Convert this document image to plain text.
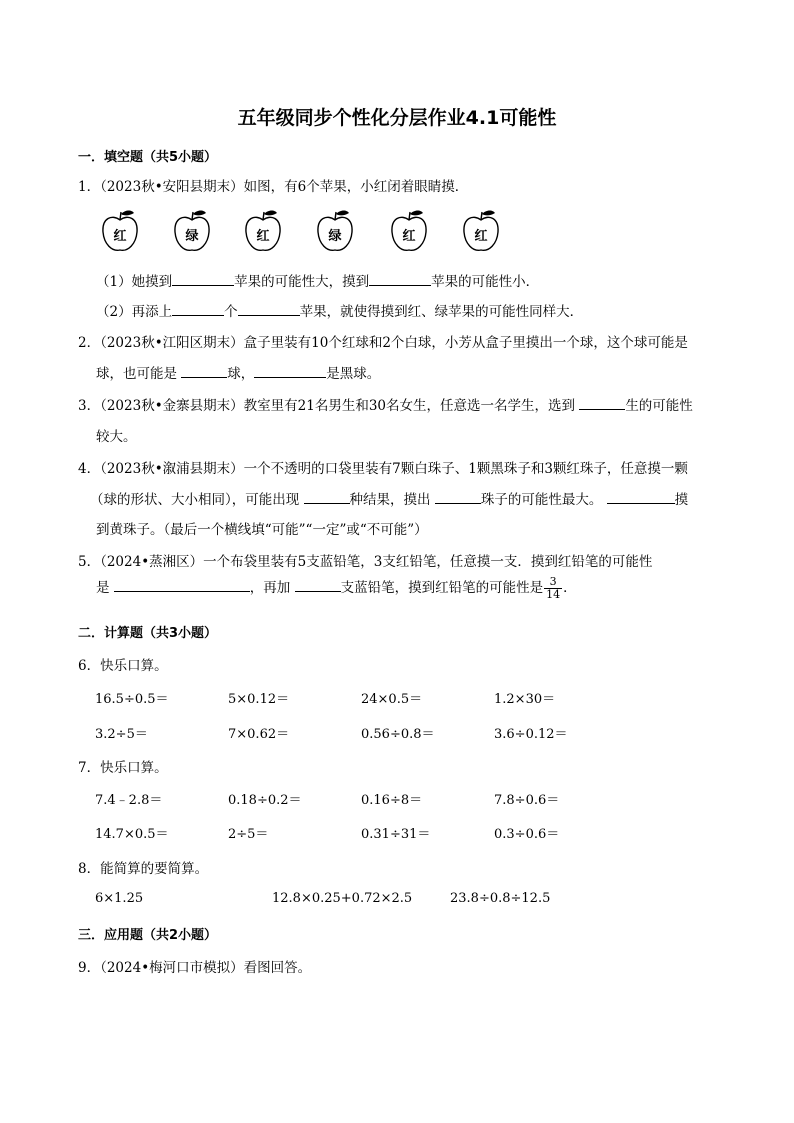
五年级同步个性化分层作业4.1可能性
一．填空题（共5小题）
1．（2023秋•安阳县期末）如图，有6个苹果，小红闭着眼睛摸．
红	绿	红	绿	红	红
（1）她摸到	苹果的可能性大，摸到	苹果的可能性小．
（2）再添上	个	苹果，就使得摸到红、绿苹果的可能性同样大．
2．（2023秋•江阳区期末）盒子里装有10个红球和2个白球，小芳从盒子里摸出一个球，这个球可能是
球，也可能是	球，	是黑球。
3．（2023秋•金寨县期末）教室里有21名男生和30名女生，任意选一名学生，选到	生的可能性
较大。
4．（2023秋•溆浦县期末）一个不透明的口袋里装有7颗白珠子、1颗黑珠子和3颗红珠子，任意摸一颗
（球的形状、大小相同），可能出现	种结果，摸出	珠子的可能性最大。	摸
到黄珠子。（最后一个横线填“可能”“一定”或“不可能”）
5．（2024•蒸湘区）一个布袋里装有5支蓝铅笔，3支红铅笔，任意摸一支．摸到红铅笔的可能性
是	，再加	支蓝铅笔，摸到红铅笔的可能性是 $\frac{3}{14}$ ．
二．计算题（共3小题）
6．快乐口算。
16.5÷0.5＝	5×0.12＝	24×0.5＝	1.2×30＝
3.2÷5＝	7×0.62＝	0.56÷0.8＝	3.6÷0.12＝
7．快乐口算。
7.4﹣2.8＝	0.18÷0.2＝	0.16÷8＝	7.8÷0.6＝
14.7×0.5＝	2÷5＝	0.31÷31＝	0.3÷0.6＝
8．能简算的要简算。
6×1.25	12.8×0.25+0.72×2.5	23.8÷0.8÷12.5
三．应用题（共2小题）
9．（2024•梅河口市模拟）看图回答。
